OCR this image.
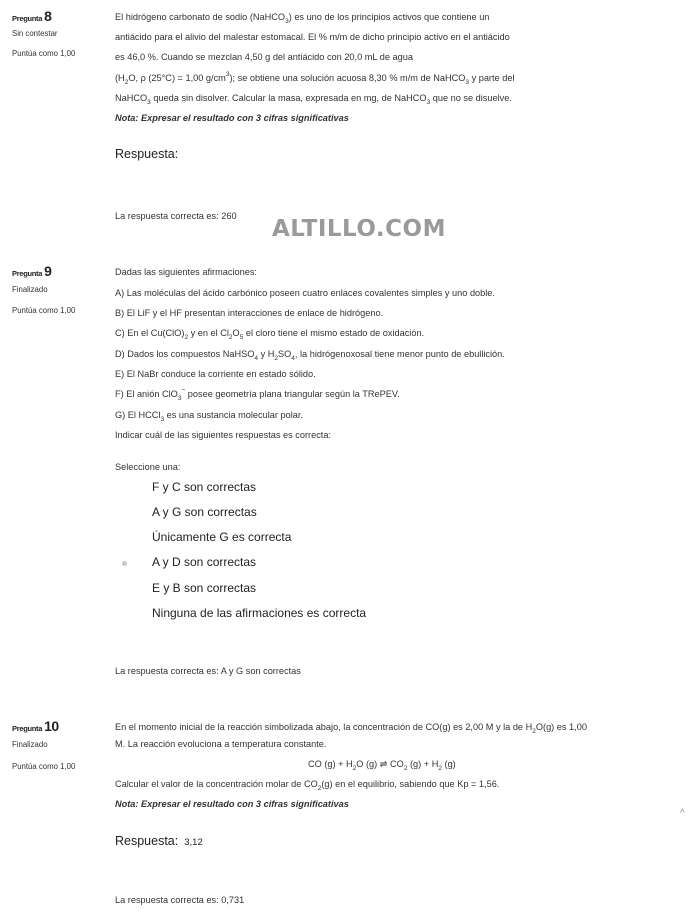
Pregunta 8
Sin contestar
Puntúa como 1,00
El hidrógeno carbonato de sodio (NaHCO$_3$) es uno de los principios activos que contiene un
antiácido para el alivio del malestar estomacal. El % m/m de dicho principio activo en el antiácido
es 46,0 %. Cuando se mezclan 4,50 g del antiácido con 20,0 mL de agua
($H_2O$, ρ (25°C) = 1,00 $g/cm^3$); se obtiene una solución acuosa 8,30 % m/m de NaHCO$_3$ y parte del
NaHCO$_3$ queda sin disolver. Calcular la masa, expresada en mg, de NaHCO$_3$ que no se disuelve.
Nota: Expresar el resultado con 3 cifras significativas
Respuesta:
La respuesta correcta es: 260 ALTILLO.COM
Pregunta 9
Finalizado
Puntúa como 1,00
Dadas las siguientes afirmaciones:
A) Las moléculas del ácido carbónico poseen cuatro enlaces covalentes simples y uno doble.
B) El LiF y el HF presentan interacciones de enlace de hidrógeno.
C) En el $Cu(ClO)_2$ y en el $Cl_2O_5$ el cloro tiene el mismo estado de oxidación.
D) Dados los compuestos NaHSO$_4$ y $H_2SO_4$, la hidrógenoxosal tiene menor punto de ebullición.
E) El NaBr conduce la corriente en estado sólido.
F) El anión ClO$_3$− posee geometría plana triangular según la TRePEV.
G) El HCCl$_3$ es una sustancia molecular polar.
Indicar cuál de las siguientes respuestas es correcta:
Seleccione una:
F y C son correctas
A y G son correctas
Únicamente G es correcta
A y D son correctas
E y B son correctas
Ninguna de las afirmaciones es correcta
La respuesta correcta es: A y G son correctas
Pregunta 10
Finalizado
Puntúa como 1,00
En el momento inicial de la reacción simbolizada abajo, la concentración de CO(g) es 2,00 M y la de $H_2O(g)$ es 1,00
M. La reacción evoluciona a temperatura constante.
CO $(g) + H_2O$ (g) ⇌ $CO_2$ $(g) + H_2$ (g)
Calcular el valor de la concentración molar de $CO_2(g)$ en el equilibrio, sabiendo que Kp = 1,56.
Nota: Expresar el resultado con 3 cifras significativas
Respuesta: 3,12
La respuesta correcta es: 0,731
^
